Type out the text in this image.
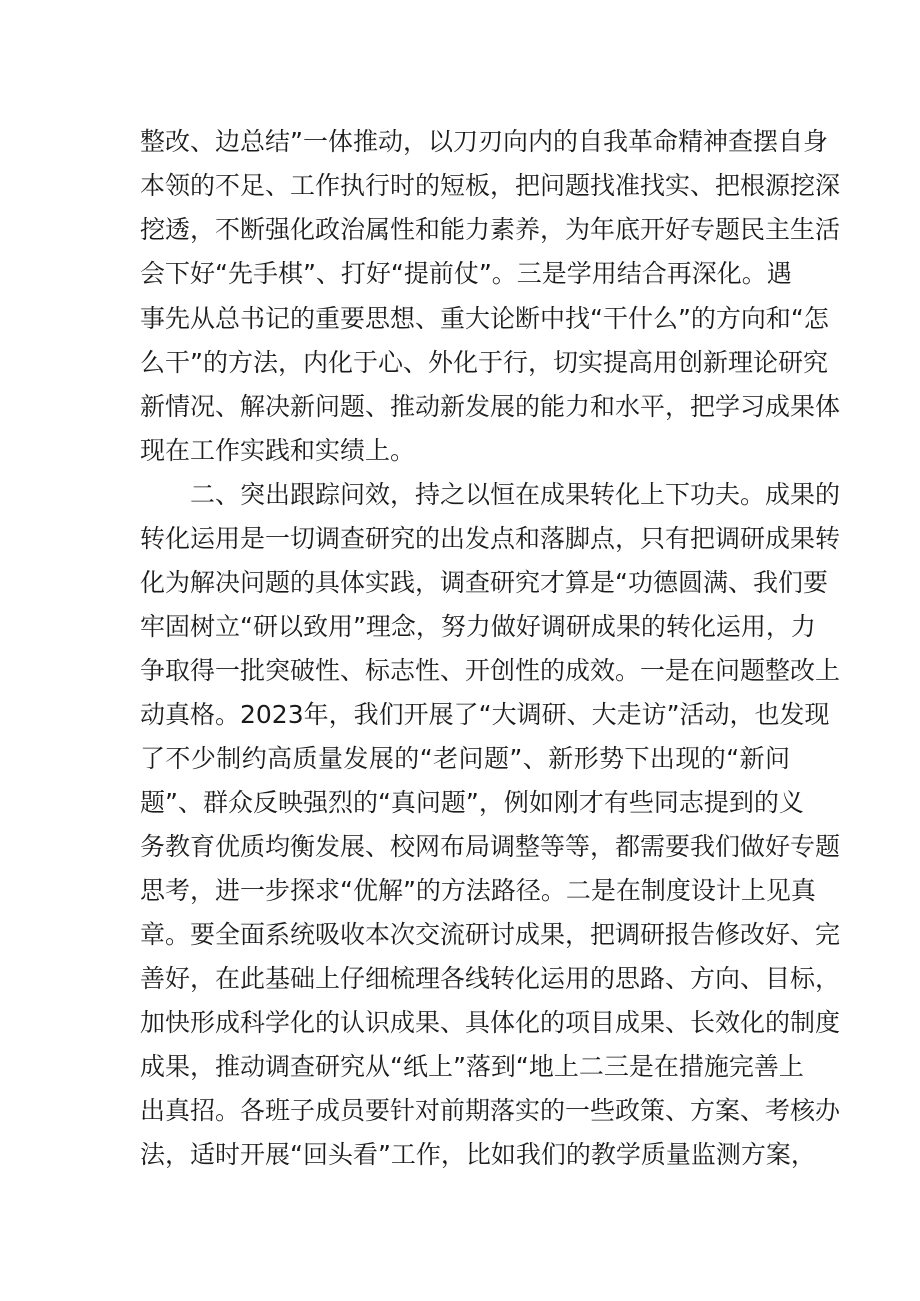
整改、边总结”一体推动，以刀刃向内的自我革命精神查摆自身

本领的不足、工作执行时的短板，把问题找准找实、把根源挖深

挖透，不断强化政治属性和能力素养，为年底开好专题民主生活

会下好“先手棋”、打好“提前仗”。三是学用结合再深化。遇

事先从总书记的重要思想、重大论断中找“干什么”的方向和“怎

么干”的方法，内化于心、外化于行，切实提高用创新理论研究

新情况、解决新问题、推动新发展的能力和水平，把学习成果体

现在工作实践和实绩上。

二、突出跟踪问效，持之以恒在成果转化上下功夫。成果的

转化运用是一切调查研究的出发点和落脚点，只有把调研成果转

化为解决问题的具体实践，调查研究才算是“功德圆满、我们要

牢固树立“研以致用”理念，努力做好调研成果的转化运用，力

争取得一批突破性、标志性、开创性的成效。一是在问题整改上

动真格。2023年，我们开展了“大调研、大走访”活动，也发现

了不少制约高质量发展的“老问题”、新形势下出现的“新问

题”、群众反映强烈的“真问题”，例如刚才有些同志提到的义

务教育优质均衡发展、校网布局调整等等，都需要我们做好专题

思考，进一步探求“优解”的方法路径。二是在制度设计上见真

章。要全面系统吸收本次交流研讨成果，把调研报告修改好、完

善好，在此基础上仔细梳理各线转化运用的思路、方向、目标，

加快形成科学化的认识成果、具体化的项目成果、长效化的制度

成果，推动调查研究从“纸上”落到“地上二三是在措施完善上

出真招。各班子成员要针对前期落实的一些政策、方案、考核办

法，适时开展“回头看”工作，比如我们的教学质量监测方案，
